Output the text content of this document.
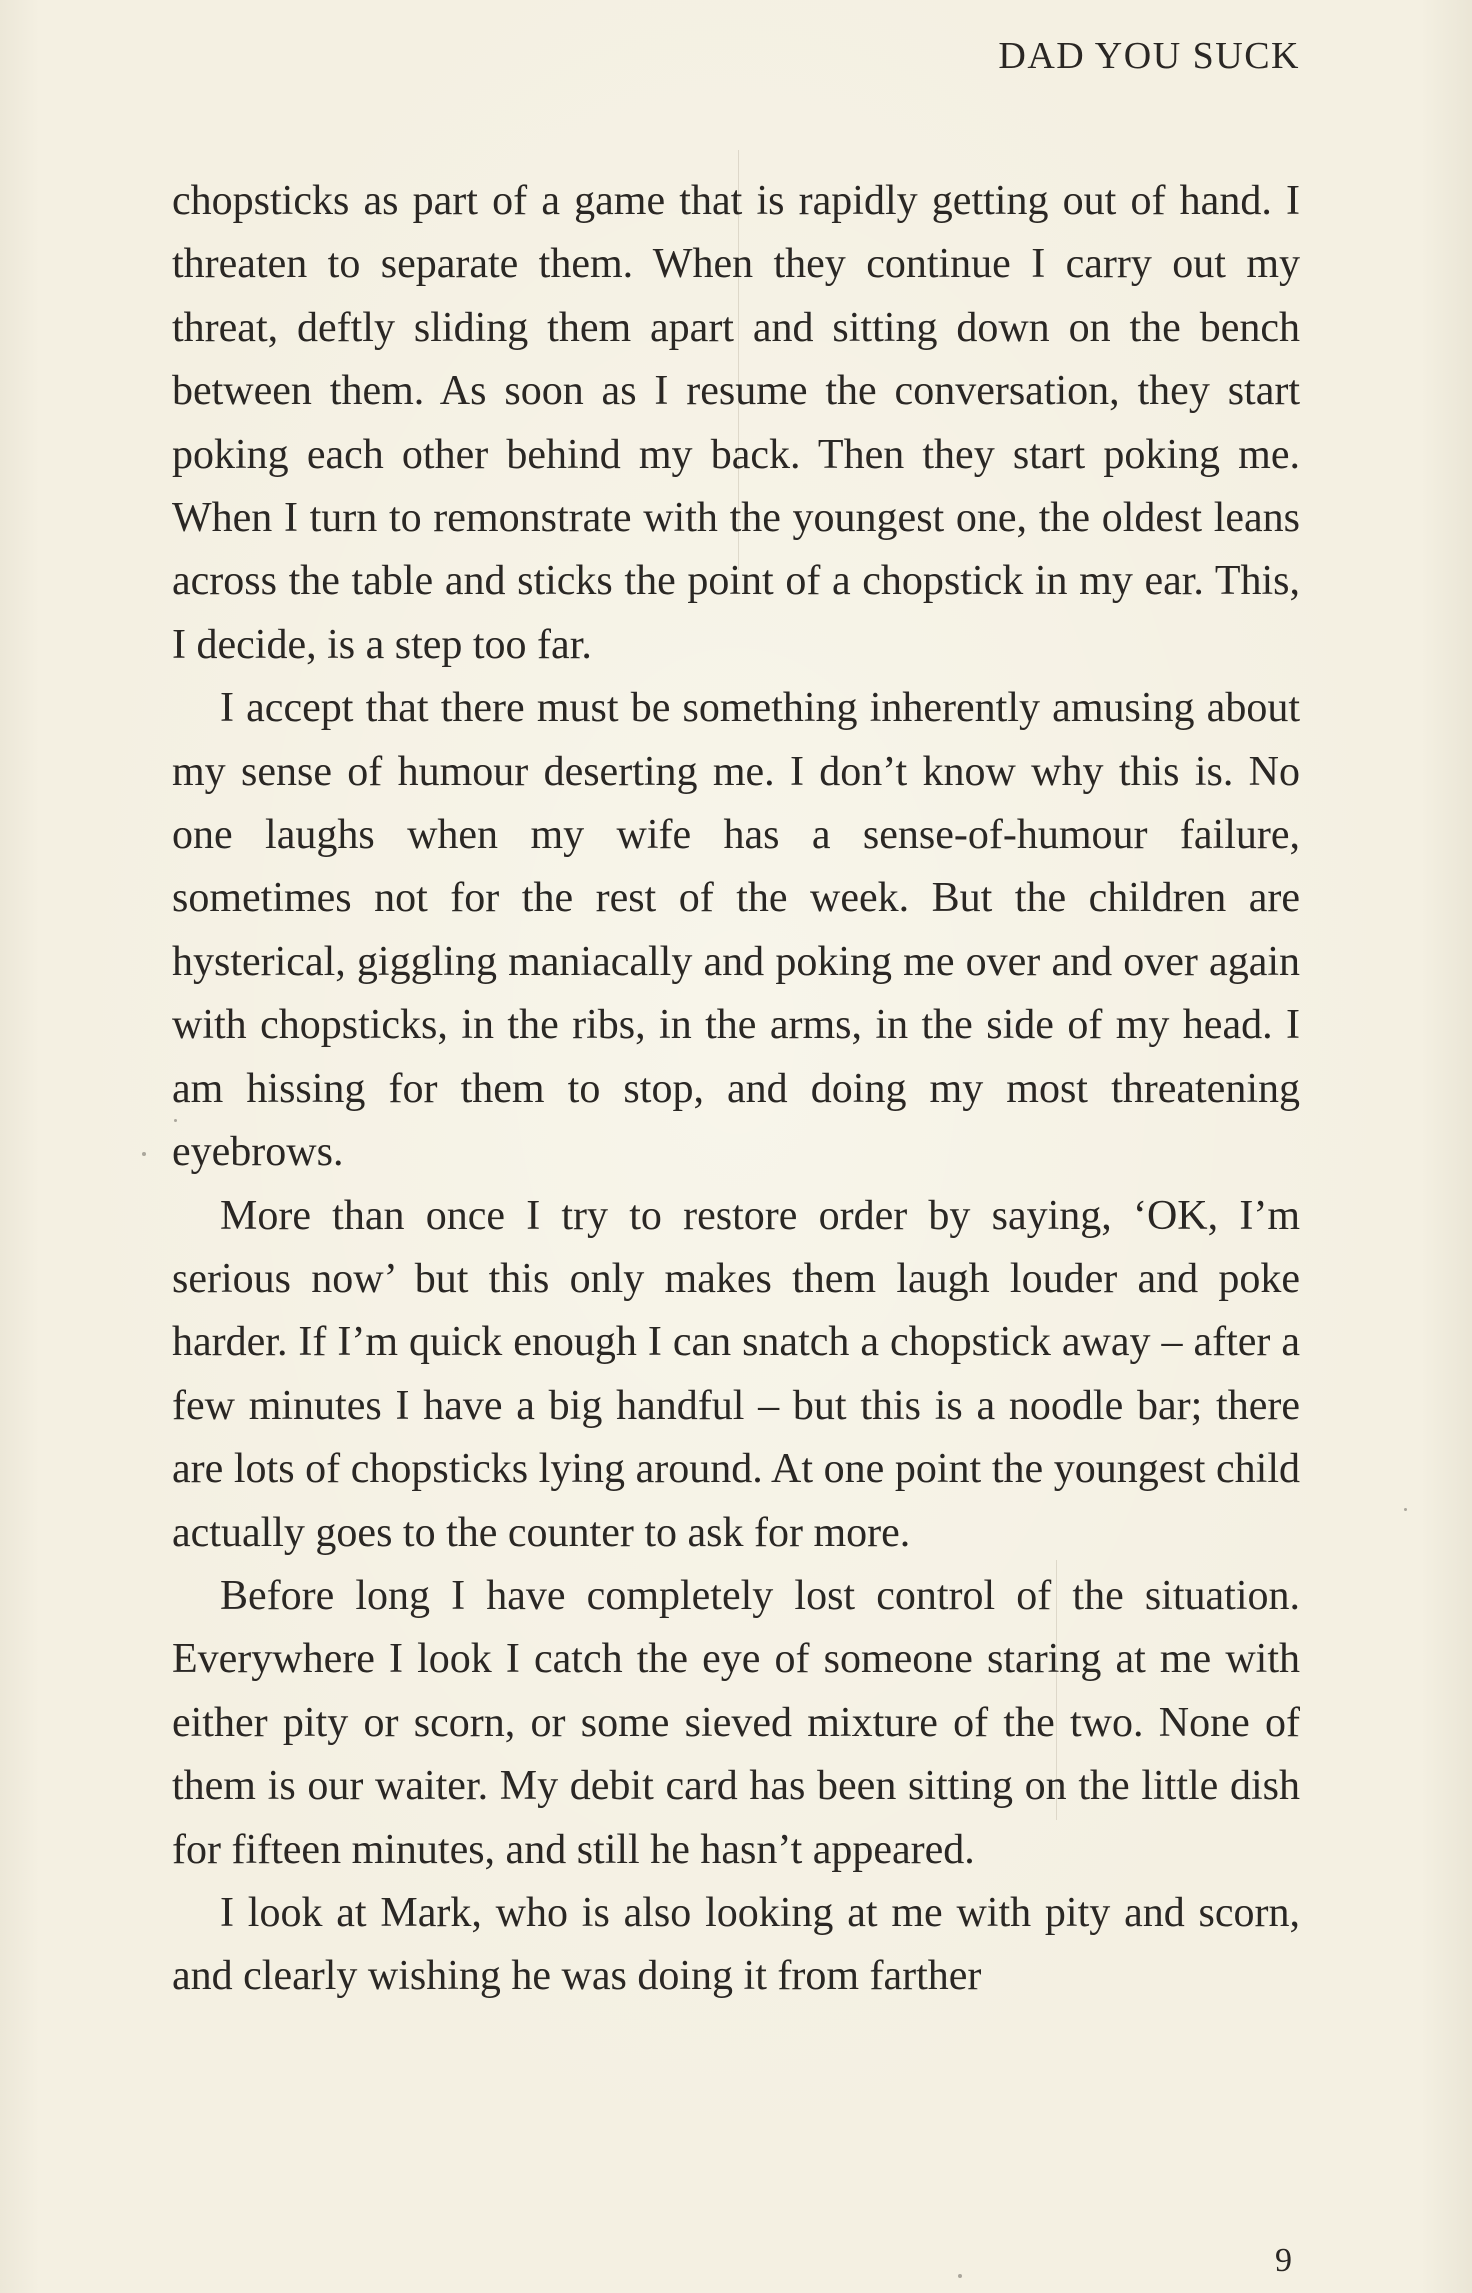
DAD YOU SUCK

chopsticks as part of a game that is rapidly getting out of hand. I threaten to separate them. When they continue I carry out my threat, deftly sliding them apart and sitting down on the bench between them. As soon as I resume the conversation, they start poking each other behind my back. Then they start poking me. When I turn to remonstrate with the youngest one, the oldest leans across the table and sticks the point of a chopstick in my ear. This, I decide, is a step too far.

I accept that there must be something inherently amusing about my sense of humour deserting me. I don’t know why this is. No one laughs when my wife has a sense-of-humour failure, sometimes not for the rest of the week. But the children are hysterical, giggling maniacally and poking me over and over again with chopsticks, in the ribs, in the arms, in the side of my head. I am hissing for them to stop, and doing my most threatening eyebrows.

More than once I try to restore order by saying, ‘OK, I’m serious now’ but this only makes them laugh louder and poke harder. If I’m quick enough I can snatch a chopstick away – after a few minutes I have a big handful – but this is a noodle bar; there are lots of chopsticks lying around. At one point the youngest child actually goes to the counter to ask for more.

Before long I have completely lost control of the situation. Everywhere I look I catch the eye of someone staring at me with either pity or scorn, or some sieved mixture of the two. None of them is our waiter. My debit card has been sitting on the little dish for fifteen minutes, and still he hasn’t appeared.

I look at Mark, who is also looking at me with pity and scorn, and clearly wishing he was doing it from farther

9
